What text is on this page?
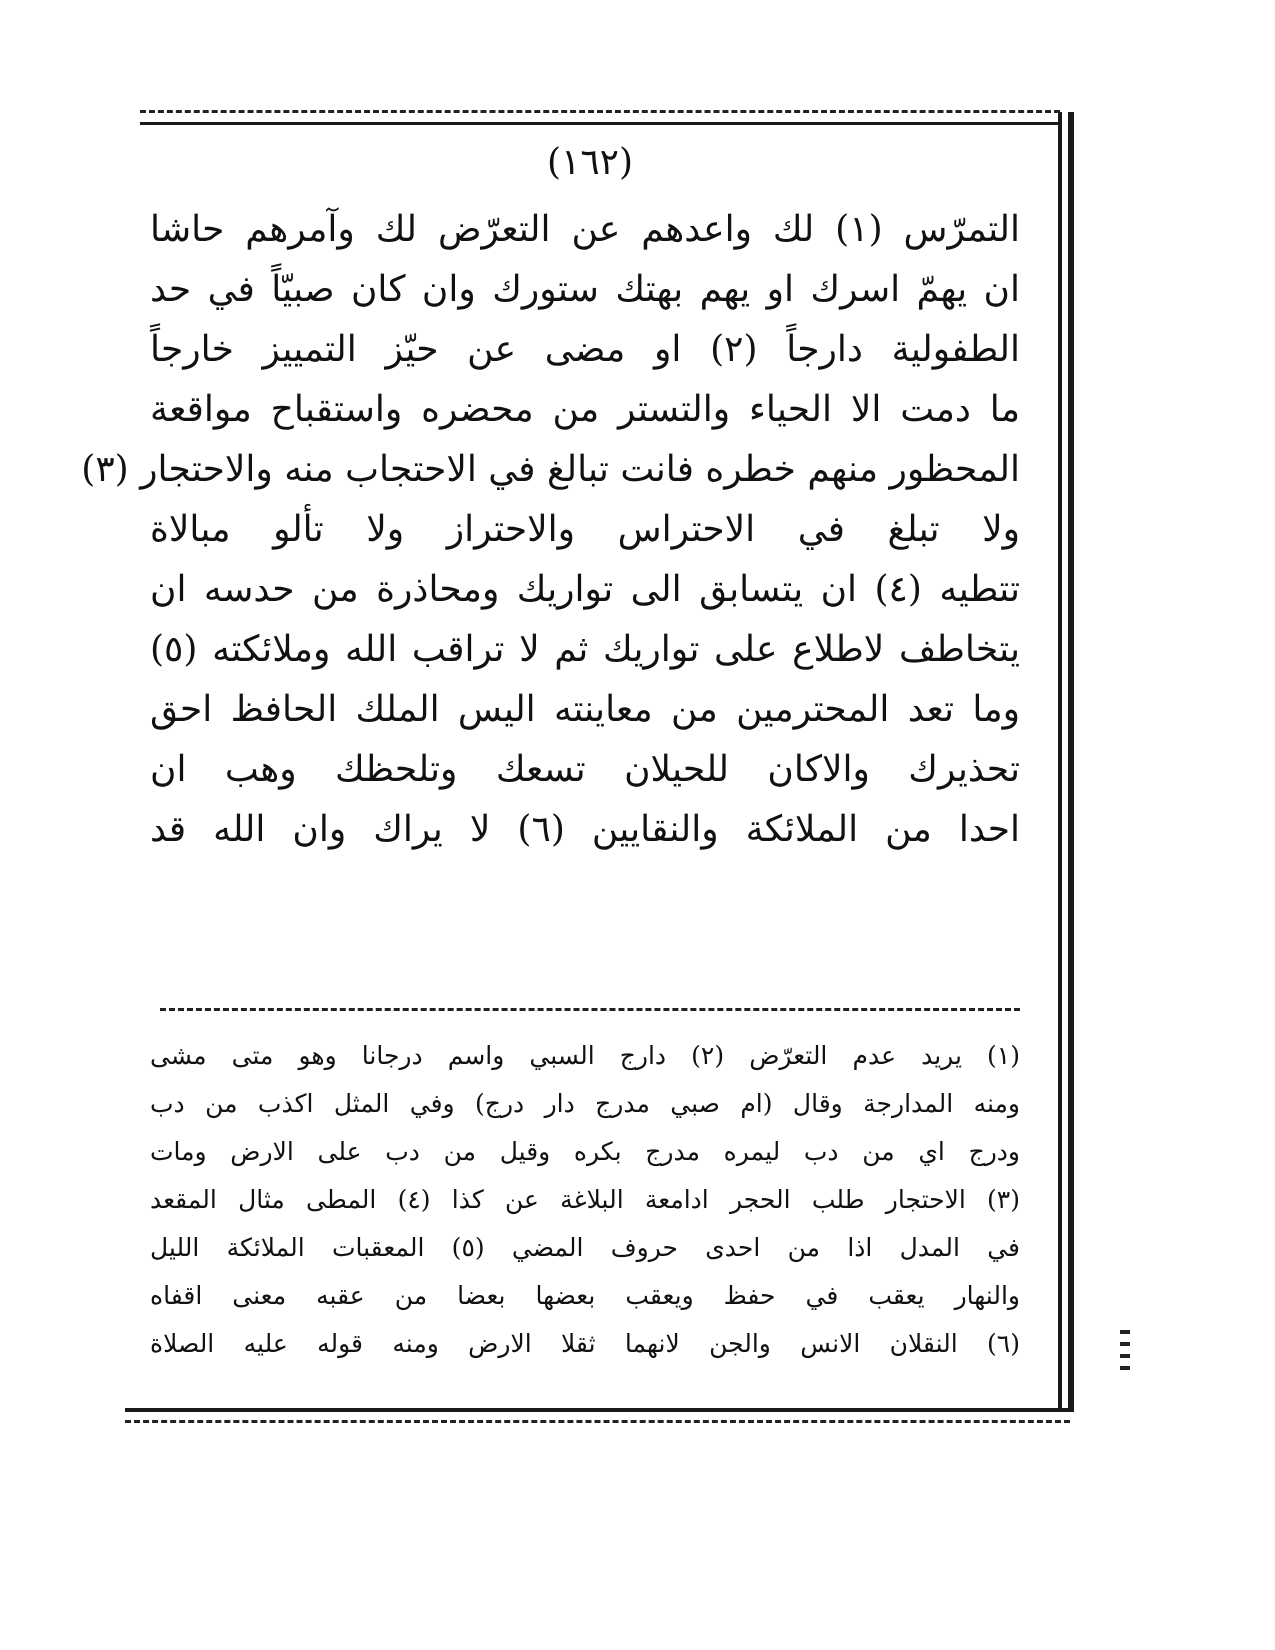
(١٦٢)
التمرّس (١) لك واعدهم عن التعرّض لك وآمرهم حاشا
ان يهمّ اسرك او يهم بهتك ستورك وان كان صبيّاً في حد
الطفولية دارجاً (٢) او مضى عن حيّز التمييز خارجاً
ما دمت الا الحياء والتستر من محضره واستقباح مواقعة
المحظور منهم خطره فانت تبالغ في الاحتجاب منه والاحتجار (٣)
ولا تبلغ في الاحتراس والاحتراز ولا تألو مبالاة
تتطيه (٤) ان يتسابق الى تواريك ومحاذرة من حدسه ان
يتخاطف لاطلاع على تواريك ثم لا تراقب الله وملائكته (٥)
وما تعد المحترمين من معاينته اليس الملك الحافظ احق
تحذيرك والاكان للحيلان تسعك وتلحظك وهب ان
احدا من الملائكة والنقايين (٦) لا يراك وان الله قد
(١) يريد عدم التعرّض (٢) دارج السبي واسم درجانا وهو متى مشى
ومنه المدارجة وقال (ام صبي مدرج دار درج) وفي المثل اكذب من دب
ودرج اي من دب ليمره مدرج بكره وقيل من دب على الارض ومات
(٣) الاحتجار طلب الحجر ادامعة البلاغة عن كذا (٤) المطى مثال المقعد
في المدل اذا من احدى حروف المضي (٥) المعقبات الملائكة الليل
والنهار يعقب في حفظ ويعقب بعضها بعضا من عقبه معنى اقفاه
(٦) النقلان الانس والجن لانهما ثقلا الارض ومنه قوله عليه الصلاة
